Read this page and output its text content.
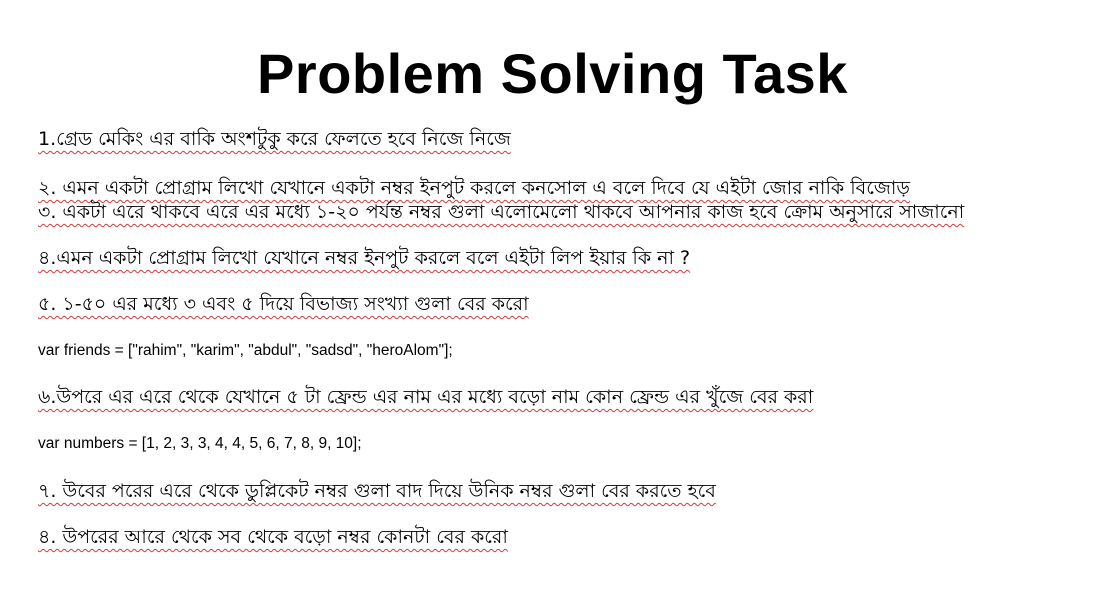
Problem Solving Task

1.গ্রেড মেকিং এর বাকি অংশটুকু করে ফেলতে হবে নিজে নিজে

২. এমন একটা প্রোগ্রাম লিখো যেখানে একটা নম্বর ইনপুট করলে কনসোল এ বলে দিবে যে এইটা জোর নাকি বিজোড়

৩. একটা এরে থাকবে এরে এর মধ্যে ১-২০ পর্যন্ত নম্বর গুলা এলোমেলো থাকবে আপনার কাজ হবে ক্রোম অনুসারে সাজানো

৪.এমন একটা প্রোগ্রাম লিখো যেখানে নম্বর ইনপুট করলে বলে এইটা লিপ ইয়ার কি না ?

৫. ১-৫০ এর মধ্যে ৩ এবং ৫ দিয়ে বিভাজ্য সংখ্যা গুলা বের করো

var friends = ["rahim", "karim", "abdul", "sadsd", "heroAlom"];

৬.উপরে এর এরে থেকে যেখানে ৫ টা ফ্রেন্ড এর নাম এর মধ্যে বড়ো নাম কোন ফ্রেন্ড এর খুঁজে বের করা

var numbers = [1, 2, 3, 3, 4, 4, 5, 6, 7, 8, 9, 10];

৭. উবের পরের এরে থেকে ডুপ্লিকেট নম্বর গুলা বাদ দিয়ে উনিক নম্বর গুলা বের করতে হবে

৪. উপরের আরে থেকে সব থেকে বড়ো নম্বর কোনটা বের করো
